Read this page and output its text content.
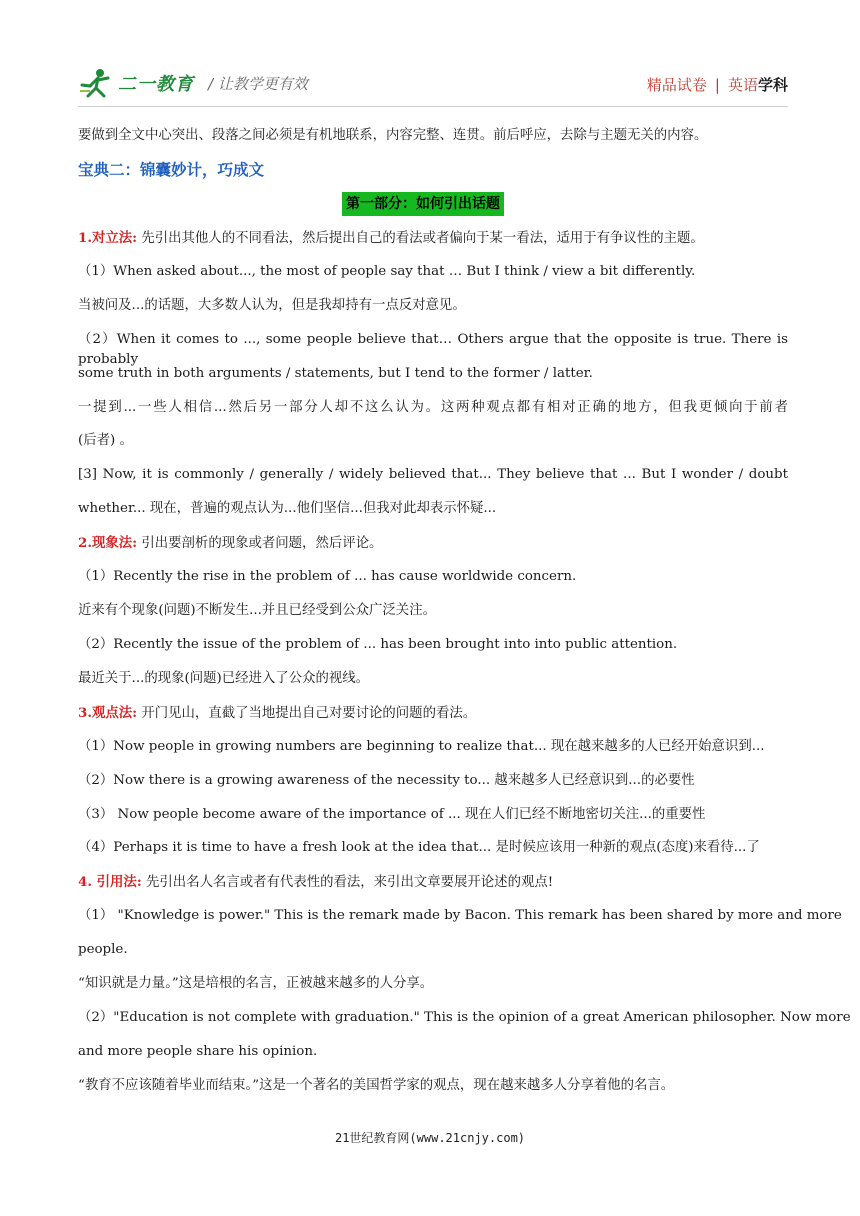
二一教育 / 让教学更有效	精品试卷 | 英语学科
要做到全文中心突出、段落之间必须是有机地联系，内容完整、连贯。前后呼应，去除与主题无关的内容。
宝典二：锦囊妙计，巧成文
第一部分：如何引出话题
1.对立法: 先引出其他人的不同看法，然后提出自己的看法或者偏向于某一看法，适用于有争议性的主题。
（1）When asked about..., the most of people say that … But I think / view a bit differently.
当被问及...的话题，大多数人认为，但是我却持有一点反对意见。
（2）When it comes to ..., some people believe that… Others argue that the opposite is true. There is probably
some truth in both arguments / statements, but I tend to the former / latter.
一提到...一些人相信...然后另一部分人却不这么认为。这两种观点都有相对正确的地方，但我更倾向于前者
(后者) 。
[3] Now, it is commonly / generally / widely believed that... They believe that ... But I wonder / doubt
whether... 现在，普遍的观点认为...他们坚信...但我对此却表示怀疑...
2.现象法: 引出要剖析的现象或者问题，然后评论。
（1）Recently the rise in the problem of ... has cause worldwide concern.
近来有个现象(问题)不断发生...并且已经受到公众广泛关注。
（2）Recently the issue of the problem of ... has been brought into into public attention.
最近关于...的现象(问题)已经进入了公众的视线。
3.观点法: 开门见山，直截了当地提出自己对要讨论的问题的看法。
（1）Now people in growing numbers are beginning to realize that... 现在越来越多的人已经开始意识到...
（2）Now there is a growing awareness of the necessity to... 越来越多人已经意识到...的必要性
（3） Now people become aware of the importance of ... 现在人们已经不断地密切关注...的重要性
（4）Perhaps it is time to have a fresh look at the idea that... 是时候应该用一种新的观点(态度)来看待...了
4. 引用法: 先引出名人名言或者有代表性的看法，来引出文章要展开论述的观点!
（1） "Knowledge is power." This is the remark made by Bacon. This remark has been shared by more and more
people.
“知识就是力量。”这是培根的名言，正被越来越多的人分享。
（2）"Education is not complete with graduation." This is the opinion of a great American philosopher. Now more
and more people share his opinion.
“教育不应该随着毕业而结束。”这是一个著名的美国哲学家的观点，现在越来越多人分享着他的名言。
21世纪教育网(www.21cnjy.com)
